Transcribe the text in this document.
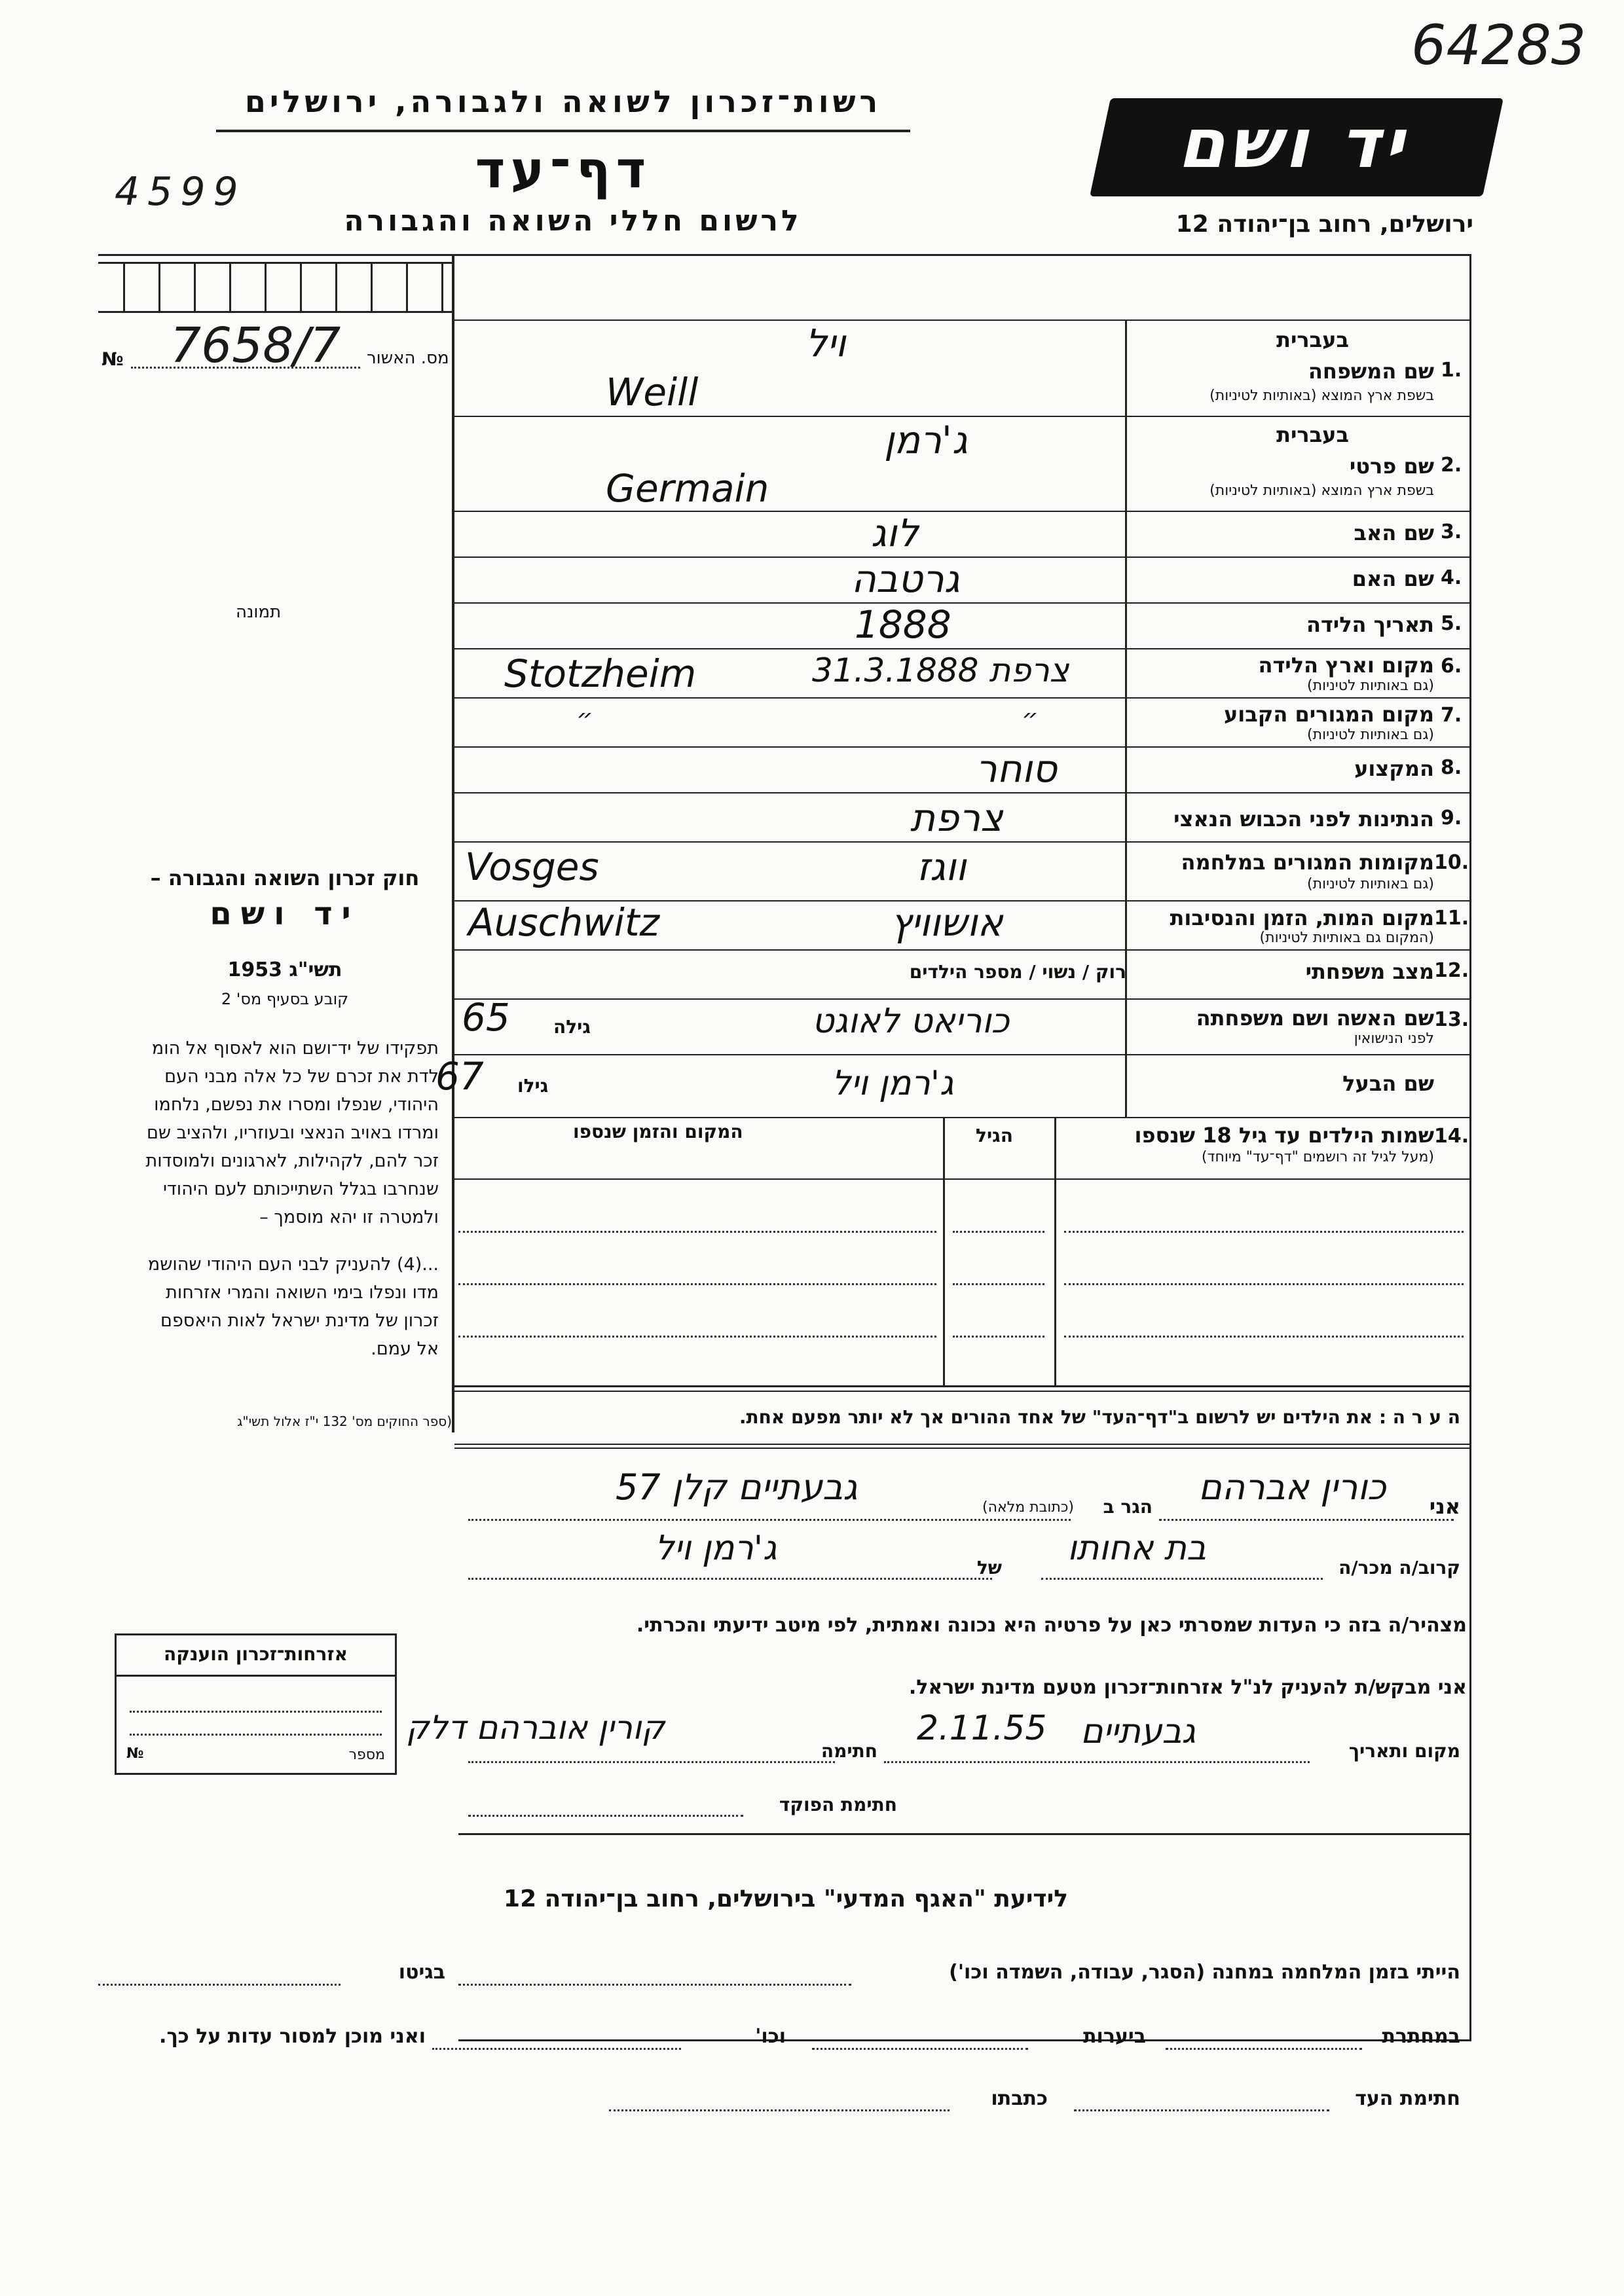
64283
רשות־זכרון לשואה ולגבורה, ירושלים
דף־עד
4599
לרשום חללי השואה והגבורה
יד ושם
ירושלים, רחוב בן־יהודה 12
№ 7658/7 מס. האשור
תמונה
חוק זכרון השואה והגבורה –
יד ושם
תשי"ג 1953
קובע בסעיף מס' 2
תפקידו של יד־ושם הוא לאסוף אל הומ
לדת את זכרם של כל אלה מבני העם
היהודי, שנפלו ומסרו את נפשם, נלחמו
ומרדו באויב הנאצי ובעוזריו, ולהציב שם
זכר להם, לקהילות, לארגונים ולמוסדות
שנחרבו בגלל השתייכותם לעם היהודי
ולמטרה זו יהא מוסמך –
...(4) להעניק לבני העם היהודי שהושמ
מדו ונפלו בימי השואה והמרי אזרחות
זכרון של מדינת ישראל לאות היאספם
אל עמם.
(ספר החוקים מס' 132 י"ז אלול תשי"ג
בעברית
1.
שם המשפחה
בשפת ארץ המוצא (באותיות לטיניות)
ויל
Weill
בעברית
2.
שם פרטי
בשפת ארץ המוצא (באותיות לטיניות)
ג'רמן
Germain
3.
שם האב
לוג
4.
שם האם
גרטבה
5.
תאריך הלידה
1888
6.
מקום וארץ הלידה
(גם באותיות לטיניות)
Stotzheim	צרפת 31.3.1888
7.
מקום המגורים הקבוע
(גם באותיות לטיניות)
״	״
8.
המקצוע
סוחר
9.
הנתינות לפני הכבוש הנאצי
צרפת
10.
מקומות המגורים במלחמה
(גם באותיות לטיניות)
Vosges	ווגז
11.
מקום המות, הזמן והנסיבות
(המקום גם באותיות לטיניות)
Auschwitz	אושוויץ
12.
מצב משפחתי
רוק / נשוי / מספר הילדים
13.
שם האשה ושם משפחתה
לפני הנישואין
גילה
65	כוריאט לאוגט
שם הבעל
גילו
67	ג'רמן ויל
14.
שמות הילדים עד גיל 18 שנספו
(מעל לגיל זה רושמים "דף־עד" מיוחד)
הגיל
המקום והזמן שנספו
ה ע ר ה : את הילדים יש לרשום ב"דף־העד" של אחד ההורים אך לא יותר מפעם אחת.
אני
כורין אברהם
הגר ב
(כתובת מלאה)
גבעתיים קלן 57
קרוב/ה מכר/ה
בת אחותו
של
ג'רמן ויל
מצהיר/ה בזה כי העדות שמסרתי כאן על פרטיה היא נכונה ואמתית, לפי מיטב ידיעתי והכרתי.
אני מבקש/ת להעניק לנ"ל אזרחות־זכרון מטעם מדינת ישראל.
מקום ותאריך
גבעתיים
2.11.55
חתימה
קורין אוברהם דלק
חתימת הפוקד
אזרחות־זכרון הוענקה
№	מספר
לידיעת "האגף המדעי" בירושלים, רחוב בן־יהודה 12
הייתי בזמן המלחמה במחנה (הסגר, עבודה, השמדה וכו')
בגיטו
במחתרת
ביערות
וכו'
ואני מוכן למסור עדות על כך.
חתימת העד
כתבתו
